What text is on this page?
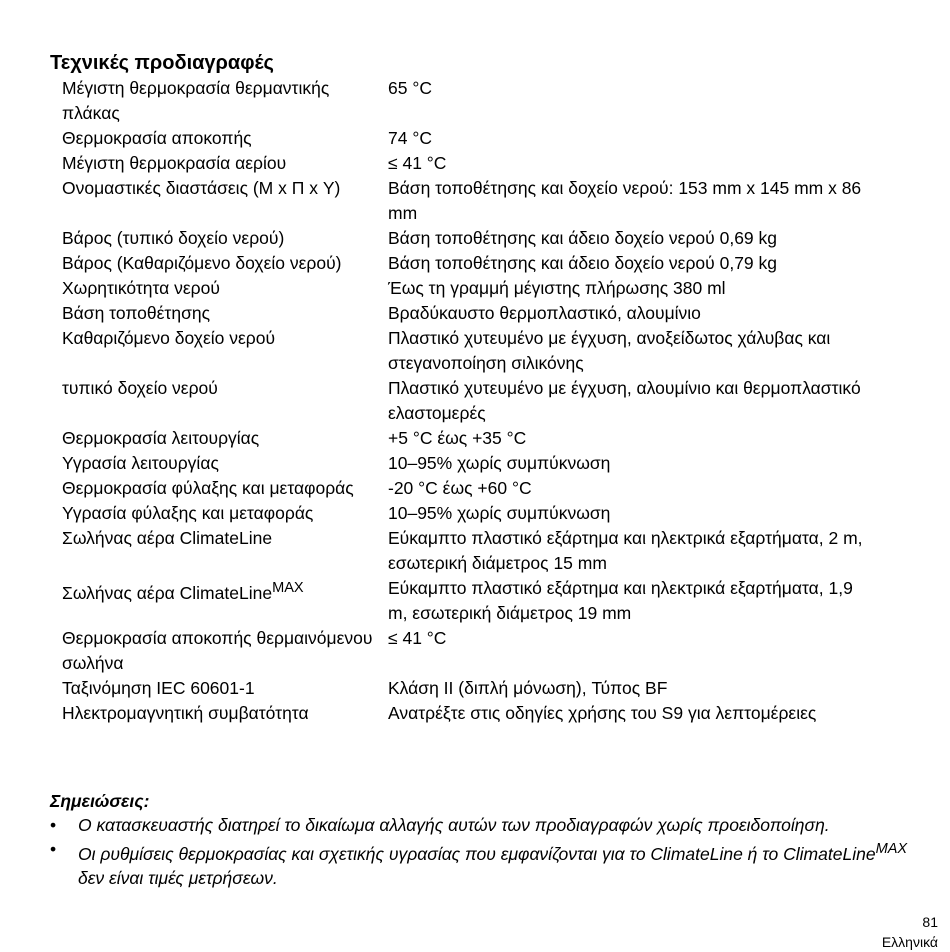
Τεχνικές προδιαγραφές
Μέγιστη θερμοκρασία θερμαντικής πλάκας	65 °C
Θερμοκρασία αποκοπής	74 °C
Μέγιστη θερμοκρασία αερίου	≤ 41 °C
Ονομαστικές διαστάσεις (Μ x Π x Υ)	Βάση τοποθέτησης και δοχείο νερού: 153 mm x 145 mm x 86 mm
Βάρος (τυπικό δοχείο νερού)	Βάση τοποθέτησης και άδειο δοχείο νερού 0,69 kg
Βάρος (Καθαριζόμενο δοχείο νερού)	Βάση τοποθέτησης και άδειο δοχείο νερού 0,79 kg
Χωρητικότητα νερού	Έως τη γραμμή μέγιστης πλήρωσης 380 ml
Βάση τοποθέτησης	Βραδύκαυστο θερμοπλαστικό, αλουμίνιο
Καθαριζόμενο δοχείο νερού	Πλαστικό χυτευμένο με έγχυση, ανοξείδωτος χάλυβας και στεγανοποίηση σιλικόνης
τυπικό δοχείο νερού	Πλαστικό χυτευμένο με έγχυση, αλουμίνιο και θερμοπλαστικό ελαστομερές
Θερμοκρασία λειτουργίας	+5 °C έως +35 °C
Υγρασία λειτουργίας	10–95% χωρίς συμπύκνωση
Θερμοκρασία φύλαξης και μεταφοράς	-20 °C έως +60 °C
Υγρασία φύλαξης και μεταφοράς	10–95% χωρίς συμπύκνωση
Σωλήνας αέρα ClimateLine	Εύκαμπτο πλαστικό εξάρτημα και ηλεκτρικά εξαρτήματα, 2 m, εσωτερική διάμετρος 15 mm
Σωλήνας αέρα ClimateLine$^{MAX}$	Εύκαμπτο πλαστικό εξάρτημα και ηλεκτρικά εξαρτήματα, 1,9 m, εσωτερική διάμετρος 19 mm
Θερμοκρασία αποκοπής θερμαινόμενου σωλήνα	≤ 41 °C
Ταξινόμηση IEC 60601-1	Κλάση II (διπλή μόνωση), Τύπος BF
Ηλεκτρομαγνητική συμβατότητα	Ανατρέξτε στις οδηγίες χρήσης του S9 για λεπτομέρειες
Σημειώσεις:
• Ο κατασκευαστής διατηρεί το δικαίωμα αλλαγής αυτών των προδιαγραφών χωρίς προειδοποίηση.
• Οι ρυθμίσεις θερμοκρασίας και σχετικής υγρασίας που εμφανίζονται για το ClimateLine ή το ClimateLine$^{MAX}$ δεν είναι τιμές μετρήσεων.
81
Ελληνικά
